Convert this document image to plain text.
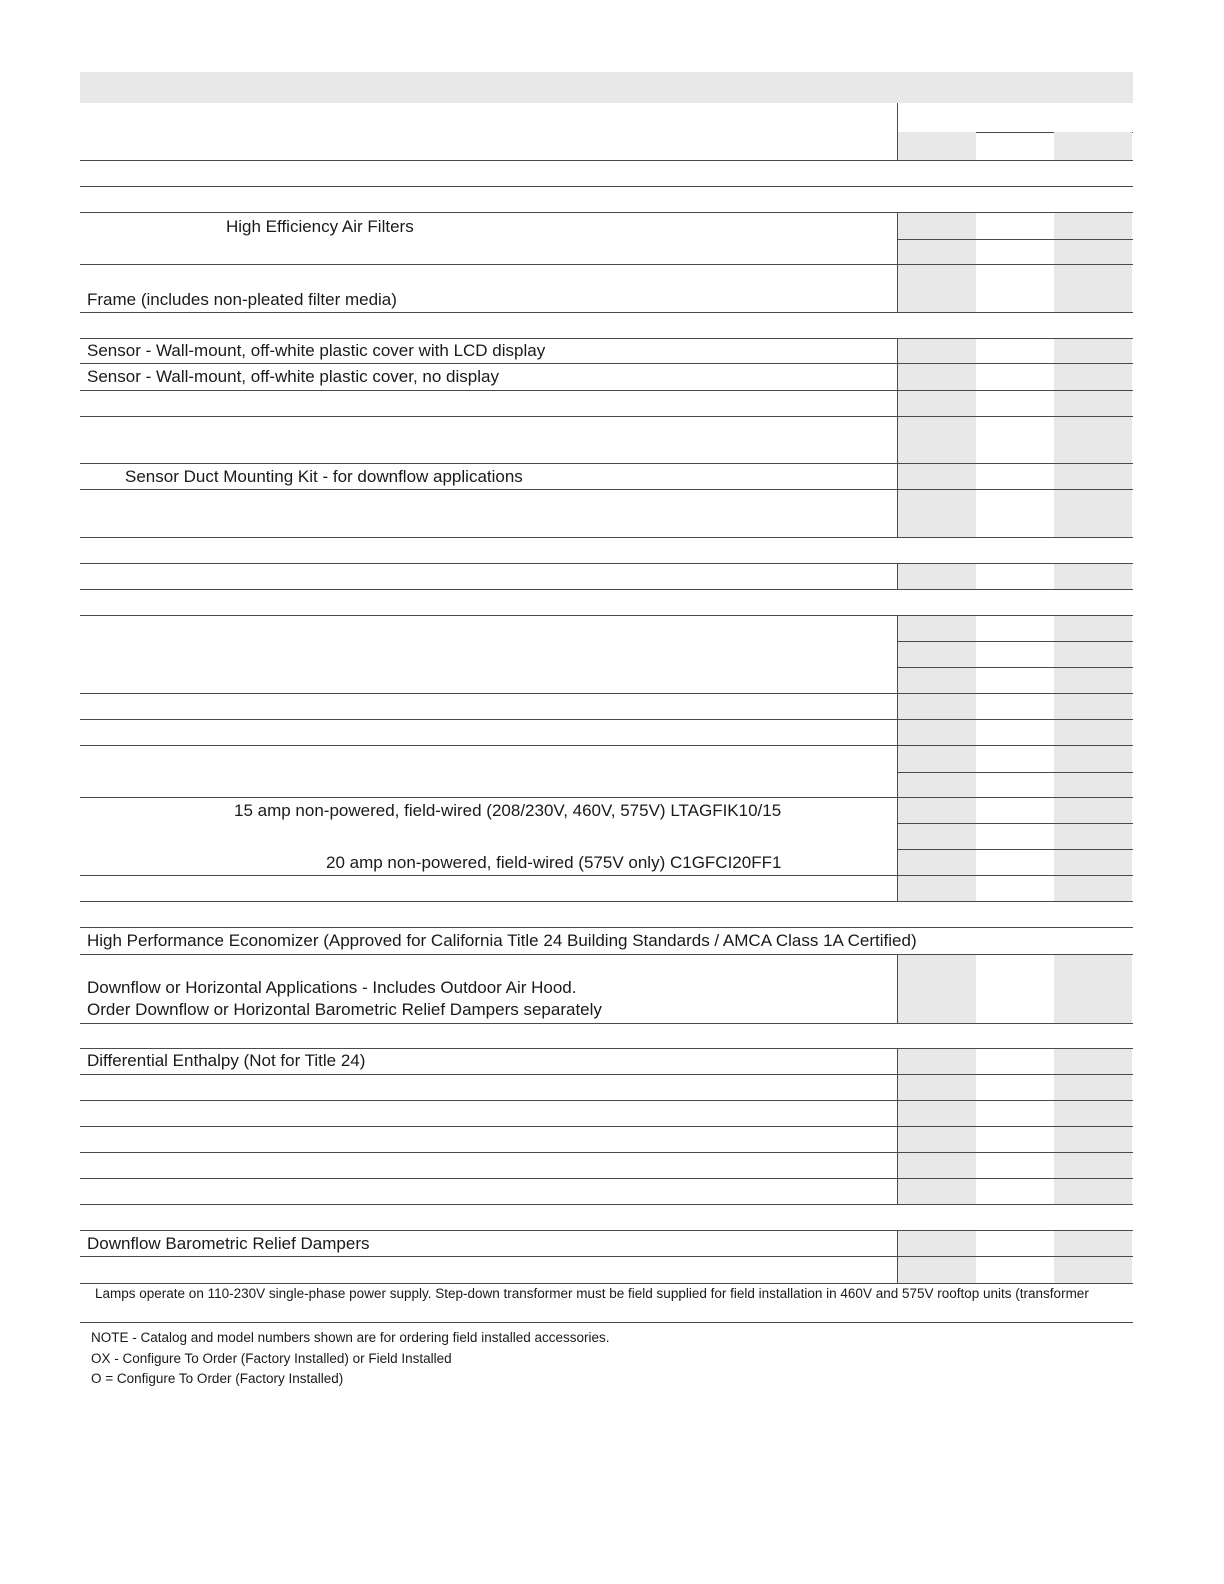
High Efficiency Air Filters
Frame (includes non-pleated filter media)
Sensor - Wall-mount, off-white plastic cover with LCD display
Sensor - Wall-mount, off-white plastic cover, no display
Sensor Duct Mounting Kit - for downflow applications
15 amp non-powered, field-wired (208/230V, 460V, 575V) LTAGFIK10/15
20 amp non-powered, field-wired (575V only) C1GFCI20FF1
High Performance Economizer (Approved for California Title 24 Building Standards / AMCA Class 1A Certified)
Downflow or Horizontal Applications - Includes Outdoor Air Hood.
Order Downflow or Horizontal Barometric Relief Dampers separately
Differential Enthalpy (Not for Title 24)
Downflow Barometric Relief Dampers
Lamps operate on 110-230V single-phase power supply. Step-down transformer must be field supplied for field installation in 460V and 575V rooftop units (transformer
NOTE - Catalog and model numbers shown are for ordering field installed accessories.
OX - Configure To Order (Factory Installed) or Field Installed
O = Configure To Order (Factory Installed)
